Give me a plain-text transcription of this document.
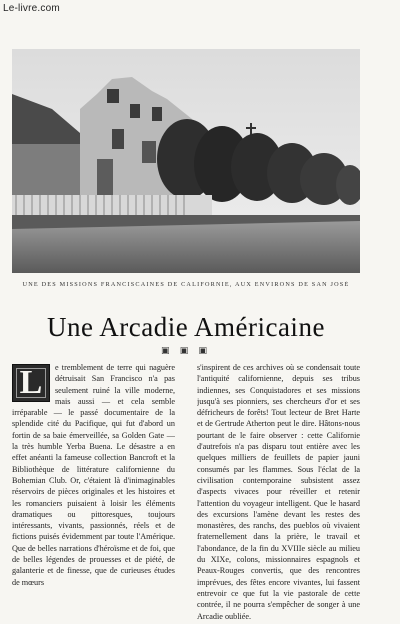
Le-livre.com
UNE DES MISSIONS FRANCISCAINES DE CALIFORNIE, AUX ENVIRONS DE SAN JOSÉ
Une Arcadie Américaine
▣ ▣ ▣
L	e tremblement de terre qui naguère détruisait San Francisco n'a pas seulement ruiné la ville moderne, mais aussi — et cela semble irréparable — le passé documentaire de la splendide cité du Pacifique, qui fut d'abord un fortin de sa baie émerveillée, sa Golden Gate — la très humble Yerba Buena. Le désastre a en effet anéanti la fameuse collection Bancroft et la Bibliothèque de littérature californienne du Bohemian Club. Or, c'étaient là d'inimaginables réservoirs de pièces originales et les histoires et les romanciers puisaient à loisir les éléments dramatiques ou pittoresques, toujours intéressants, vivants, passionnés, réels et de fictions puisés évidemment par toute l'Amérique. Que de belles narrations d'héroïsme et de foi, que de belles légendes de prouesses et de piété, de galanterie et de finesse, que de curieuses études de mœurs
s'inspirent de ces archives où se condensait toute l'antiquité californienne, depuis ses tribus indiennes, ses Conquistadores et ses missions jusqu'à ses pionniers, ses chercheurs d'or et ses défricheurs de forêts! Tout lecteur de Bret Harte et de Gertrude Atherton peut le dire. Hâtons-nous pourtant de le faire observer : cette Californie d'autrefois n'a pas disparu tout entière avec les quelques milliers de feuillets de papier jauni consumés par les flammes. Sous l'éclat de la civilisation contemporaine subsistent assez d'aspects vivaces pour réveiller et retenir l'attention du voyageur intelligent. Que le hasard des excursions l'amène devant les restes des monastères, des ranchs, des pueblos où vivaient fraternellement dans la prière, le travail et l'abondance, de la fin du XVIIIe siècle au milieu du XIXe, colons, missionnaires espagnols et Peaux-Rouges convertis, que des rencontres imprévues, des fêtes encore vivantes, lui fassent entrevoir ce que fut la vie pastorale de cette contrée, il ne pourra s'empêcher de songer à une Arcadie oubliée.
